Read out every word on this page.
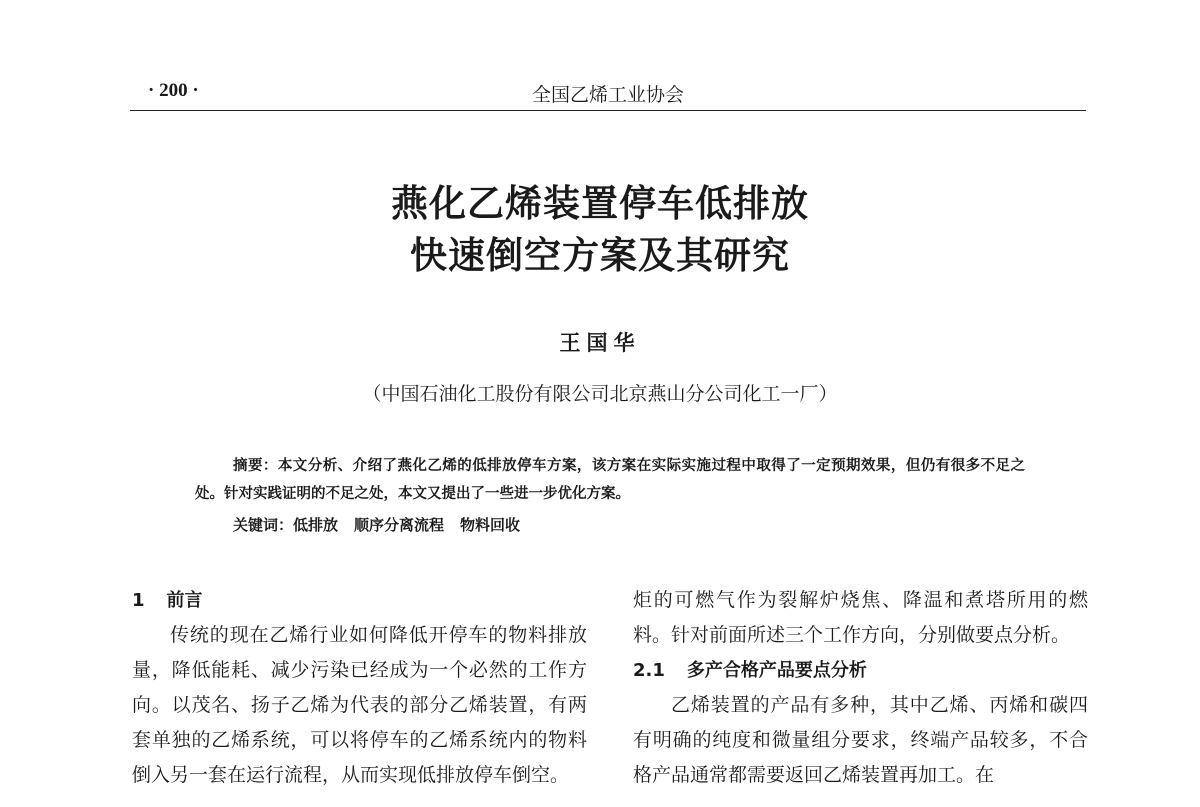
· 200 ·	全国乙烯工业协会
燕化乙烯装置停车低排放
快速倒空方案及其研究
王国华
（中国石油化工股份有限公司北京燕山分公司化工一厂）
摘要：本文分析、介绍了燕化乙烯的低排放停车方案，该方案在实际实施过程中取得了一定预期效果，但仍有很多不足之处。针对实践证明的不足之处，本文又提出了一些进一步优化方案。
关键词：低排放 顺序分离流程 物料回收
1 前言
传统的现在乙烯行业如何降低开停车的物料排放量，降低能耗、减少污染已经成为一个必然的工作方向。以茂名、扬子乙烯为代表的部分乙烯装置，有两套单独的乙烯系统，可以将停车的乙烯系统内的物料倒入另一套在运行流程，从而实现低排放停车倒空。
炬的可燃气作为裂解炉烧焦、降温和煮塔所用的燃料。针对前面所述三个工作方向，分别做要点分析。
2.1 多产合格产品要点分析
乙烯装置的产品有多种，其中乙烯、丙烯和碳四有明确的纯度和微量组分要求，终端产品较多，不合格产品通常都需要返回乙烯装置再加工。在
